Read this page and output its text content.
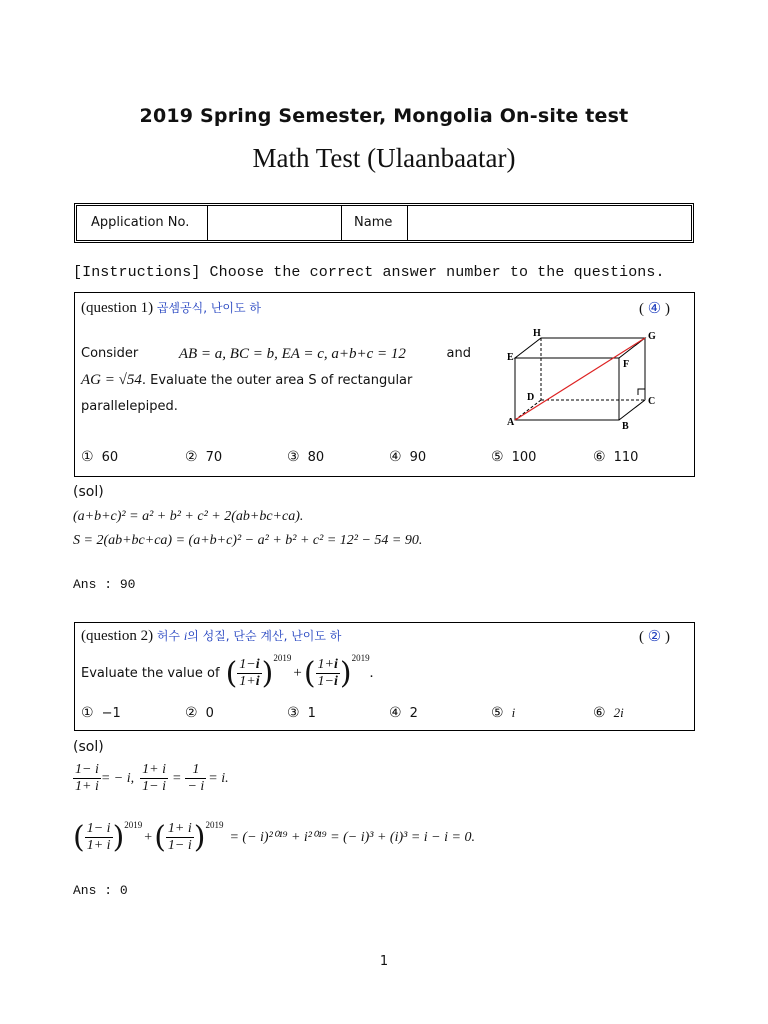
2019 Spring Semester, Mongolia On-site test
Math Test (Ulaanbaatar)
Application No.	Name
[Instructions] Choose the correct answer number to the questions.
(question 1) 곱셈공식, 난이도 하	( ④ )
Consider	AB = a, BC = b, EA = c, a+b+c = 12	and
AG = √54. Evaluate the outer area S of rectangular
parallelepiped.
H	G
E
F
D	C
A	B
① 60	② 70	③ 80	④ 90	⑤ 100	⑥ 110
(sol)
(a+b+c)² = a² + b² + c² + 2(ab+bc+ca).
S = 2(ab+bc+ca) = (a+b+c)² − a² + b² + c² = 12² − 54 = 90.
Ans : 90
(question 2) 허수 i의 성질, 단순 계산, 난이도 하	( ② )
Evaluate the value of ( $\frac{1-i}{1+i} )^{2019}$
+ ( $\frac{1+i}{1-i} )^{2019}$
.
① −1	② 0	③ 1	④ 2	⑤ i	⑥ 2i
(sol)
$\frac{1- i}{1+ i}$ = − i, $\frac{1+ i}{1- i} = \frac{1}{- i} = i$.
( $\frac{1- i}{1+ i} )^{2019}$
+ ( $\frac{1+ i}{1- i} )^{2019}$
= (− i)²⁰¹⁹ + i²⁰¹⁹ = (− i)³ + (i)³ = i − i = 0.
Ans : 0
1
